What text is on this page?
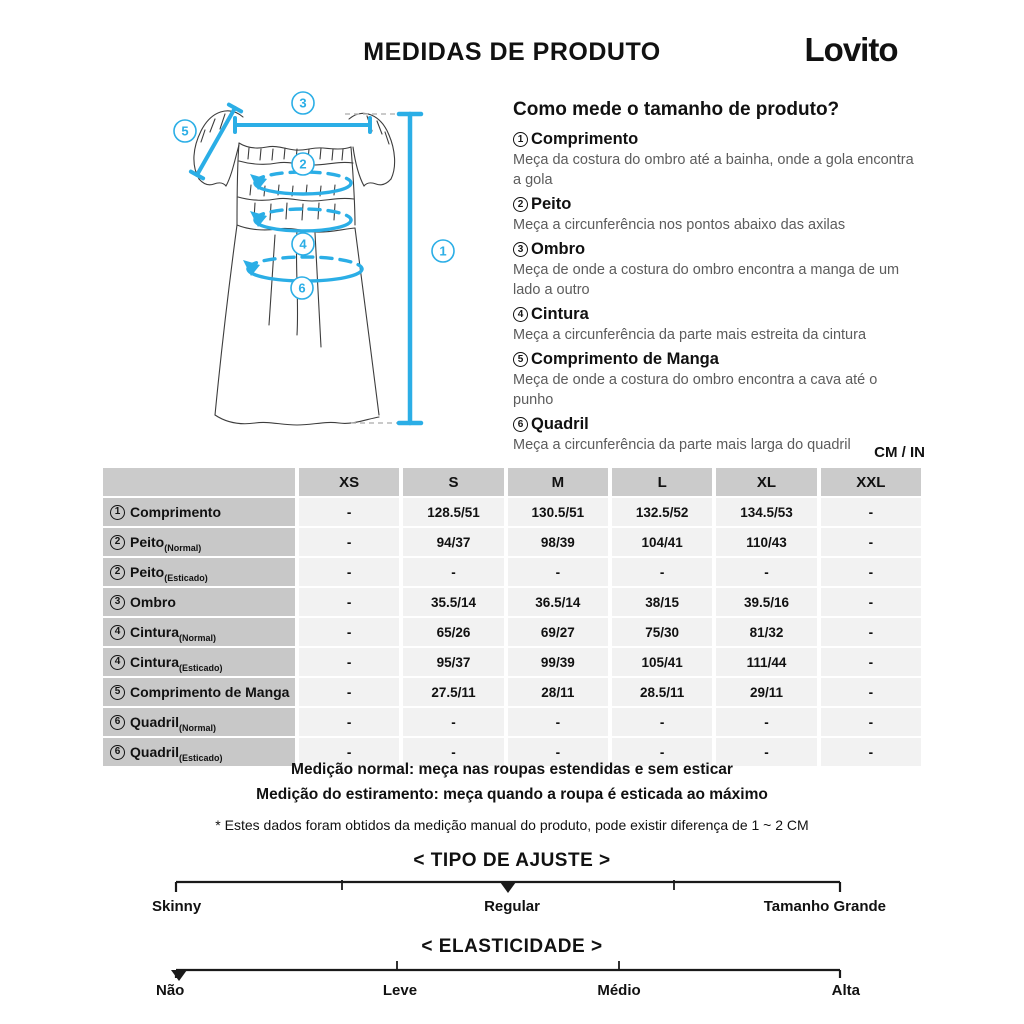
MEDIDAS DE PRODUTO	Lovito
3
5
2
4
6
1
Como mede o tamanho de produto?
1 Comprimento
Meça da costura do ombro até a bainha, onde a gola encontra a gola
2 Peito
Meça a circunferência nos pontos abaixo das axilas
3 Ombro
Meça de onde a costura do ombro encontra a manga de um lado a outro
4 Cintura
Meça a circunferência da parte mais estreita da cintura
5 Comprimento de Manga
Meça de onde a costura do ombro encontra a cava até o punho
6 Quadril
Meça a circunferência da parte mais larga do quadril	CM / IN
XS	S	M	L	XL	XXL
1 Comprimento	-	128.5/51	130.5/51	132.5/52	134.5/53	-
2 Peito$_{(Normal)}$	-	94/37	98/39	104/41	110/43	-
2 Peito$_{(Esticado)}$	-	-	-	-	-	-
3 Ombro	-	35.5/14	36.5/14	38/15	39.5/16	-
4 Cintura$_{(Normal)}$	-	65/26	69/27	75/30	81/32	-
4 Cintura$_{(Esticado)}$	-	95/37	99/39	105/41	111/44	-
5 Comprimento de Manga	-	27.5/11	28/11	28.5/11	29/11	-
6 Quadril$_{(Normal)}$	-	-	-	-	-	-
6 Quadril$_{(Esticado)}$	-	-	-	-	-	-
Medição normal: meça nas roupas estendidas e sem esticar
Medição do estiramento: meça quando a roupa é esticada ao máximo
* Estes dados foram obtidos da medição manual do produto, pode existir diferença de 1 ~ 2 CM
< TIPO DE AJUSTE >
< ELASTICIDADE >
Skinny	Regular	Tamanho Grande
Não	Leve	Médio	Alta
